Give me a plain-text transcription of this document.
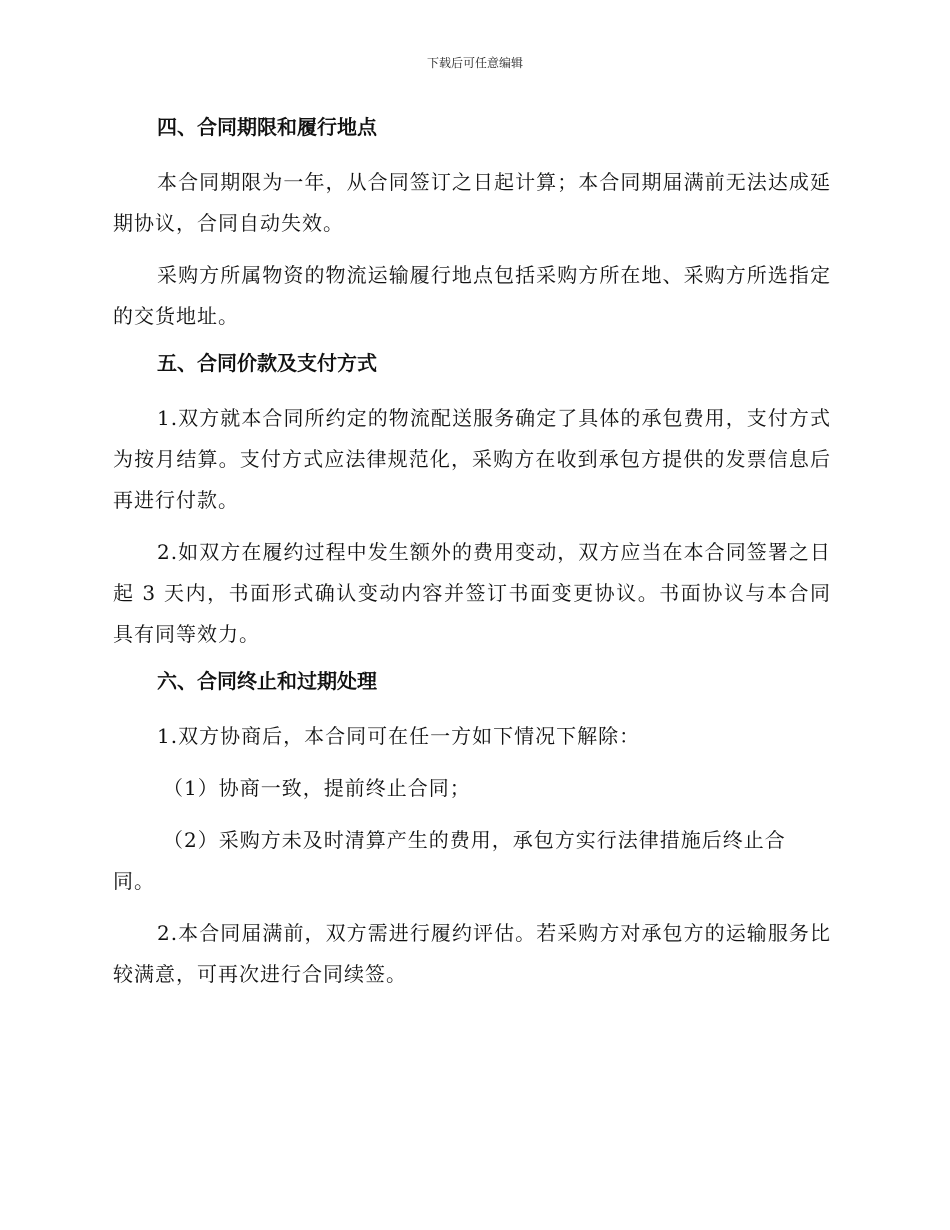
下载后可任意编辑
四、合同期限和履行地点
本合同期限为一年，从合同签订之日起计算；本合同期届满前无法达成延期协议，合同自动失效。
采购方所属物资的物流运输履行地点包括采购方所在地、采购方所选指定的交货地址。
五、合同价款及支付方式
1.双方就本合同所约定的物流配送服务确定了具体的承包费用，支付方式为按月结算。支付方式应法律规范化，采购方在收到承包方提供的发票信息后再进行付款。
2.如双方在履约过程中发生额外的费用变动，双方应当在本合同签署之日起 3 天内，书面形式确认变动内容并签订书面变更协议。书面协议与本合同具有同等效力。
六、合同终止和过期处理
1.双方协商后，本合同可在任一方如下情况下解除：
（1）协商一致，提前终止合同；
（2）采购方未及时清算产生的费用，承包方实行法律措施后终止合同。
2.本合同届满前，双方需进行履约评估。若采购方对承包方的运输服务比较满意，可再次进行合同续签。
